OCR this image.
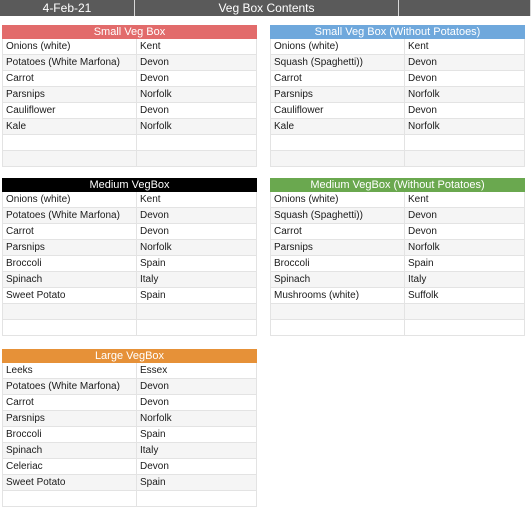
4-Feb-21	Veg Box Contents
Small Veg Box
Onions (white)	Kent
Potatoes (White Marfona)	Devon
Carrot	Devon
Parsnips	Norfolk
Cauliflower	Devon
Kale	Norfolk
Small Veg Box (Without Potatoes)
Onions (white)	Kent
Squash (Spaghetti))	Devon
Carrot	Devon
Parsnips	Norfolk
Cauliflower	Devon
Kale	Norfolk
Medium VegBox
Onions (white)	Kent
Potatoes (White Marfona)	Devon
Carrot	Devon
Parsnips	Norfolk
Broccoli	Spain
Spinach	Italy
Sweet Potato	Spain
Medium VegBox (Without Potatoes)
Onions (white)	Kent
Squash (Spaghetti))	Devon
Carrot	Devon
Parsnips	Norfolk
Broccoli	Spain
Spinach	Italy
Mushrooms (white)	Suffolk
Large VegBox
Leeks	Essex
Potatoes (White Marfona)	Devon
Carrot	Devon
Parsnips	Norfolk
Broccoli	Spain
Spinach	Italy
Celeriac	Devon
Sweet Potato	Spain
